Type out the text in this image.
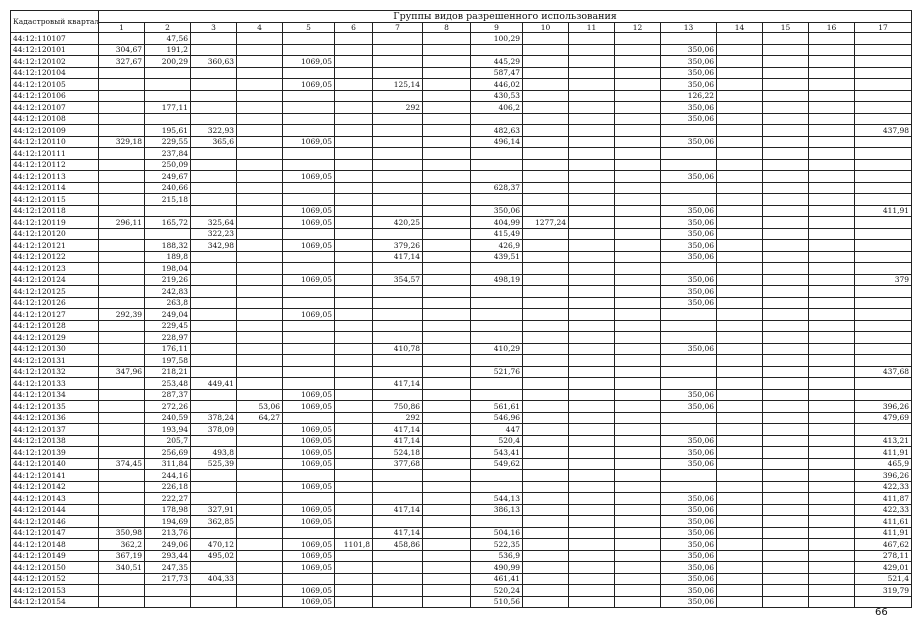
Кадастровый квартал	Группы видов разрешенного использования																
	1	2	3	4	5	6	7	8	9	10	11	12	13	14	15	16	17
44:12:110107		47,56							100,29								
44:12:120101	304,67	191,2											350,06				
44:12:120102	327,67	200,29	360,63		1069,05				445,29				350,06				
44:12:120104									587,47				350,06				
44:12:120105					1069,05		125,14		446,02				350,06				
44:12:120106									430,53				126,22				
44:12:120107		177,11					292		406,2				350,06				
44:12:120108													350,06				
44:12:120109		195,61	322,93						482,63								437,98
44:12:120110	329,18	229,55	365,6		1069,05				496,14				350,06				
44:12:120111		237,84															
44:12:120112		250,09															
44:12:120113		249,67			1069,05								350,06				
44:12:120114		240,66							628,37								
44:12:120115		215,18															
44:12:120118					1069,05				350,06				350,06				411,91
44:12:120119	296,11	165,72	325,64		1069,05		420,25		404,99	1277,24			350,06				
44:12:120120			322,23						415,49				350,06				
44:12:120121		188,32	342,98		1069,05		379,26		426,9				350,06				
44:12:120122		189,8					417,14		439,51				350,06				
44:12:120123		198,04															
44:12:120124		219,26			1069,05		354,57		498,19				350,06				379
44:12:120125		242,83											350,06				
44:12:120126		263,8											350,06				
44:12:120127	292,39	249,04			1069,05												
44:12:120128		229,45															
44:12:120129		228,97															
44:12:120130		176,11					410,78		410,29				350,06				
44:12:120131		197,58															
44:12:120132	347,96	218,21							521,76								437,68
44:12:120133		253,48	449,41				417,14										
44:12:120134		287,37			1069,05								350,06				
44:12:120135		272,26		53,06	1069,05		750,86		561,61				350,06				396,26
44:12:120136		240,59	378,24	64,27			292		546,96								479,69
44:12:120137		193,94	378,09		1069,05		417,14		447								
44:12:120138		205,7			1069,05		417,14		520,4				350,06				413,21
44:12:120139		256,69	493,8		1069,05		524,18		543,41				350,06				411,91
44:12:120140	374,45	311,84	525,39		1069,05		377,68		549,62				350,06				465,9
44:12:120141		244,16															396,26
44:12:120142		226,18			1069,05												422,33
44:12:120143		222,27							544,13				350,06				411,87
44:12:120144		178,98	327,91		1069,05		417,14		386,13				350,06				422,33
44:12:120146		194,69	362,85		1069,05								350,06				411,61
44:12:120147	350,98	213,76					417,14		504,16				350,06				411,91
44:12:120148	362,2	249,06	470,12		1069,05	1101,8	458,86		522,35				350,06				467,62
44:12:120149	367,19	293,44	495,02		1069,05				536,9				350,06				278,11
44:12:120150	340,51	247,35			1069,05				490,99				350,06				429,01
44:12:120152		217,73	404,33						461,41				350,06				521,4
44:12:120153					1069,05				520,24				350,06				319,79
44:12:120154					1069,05				510,56				350,06				
66
